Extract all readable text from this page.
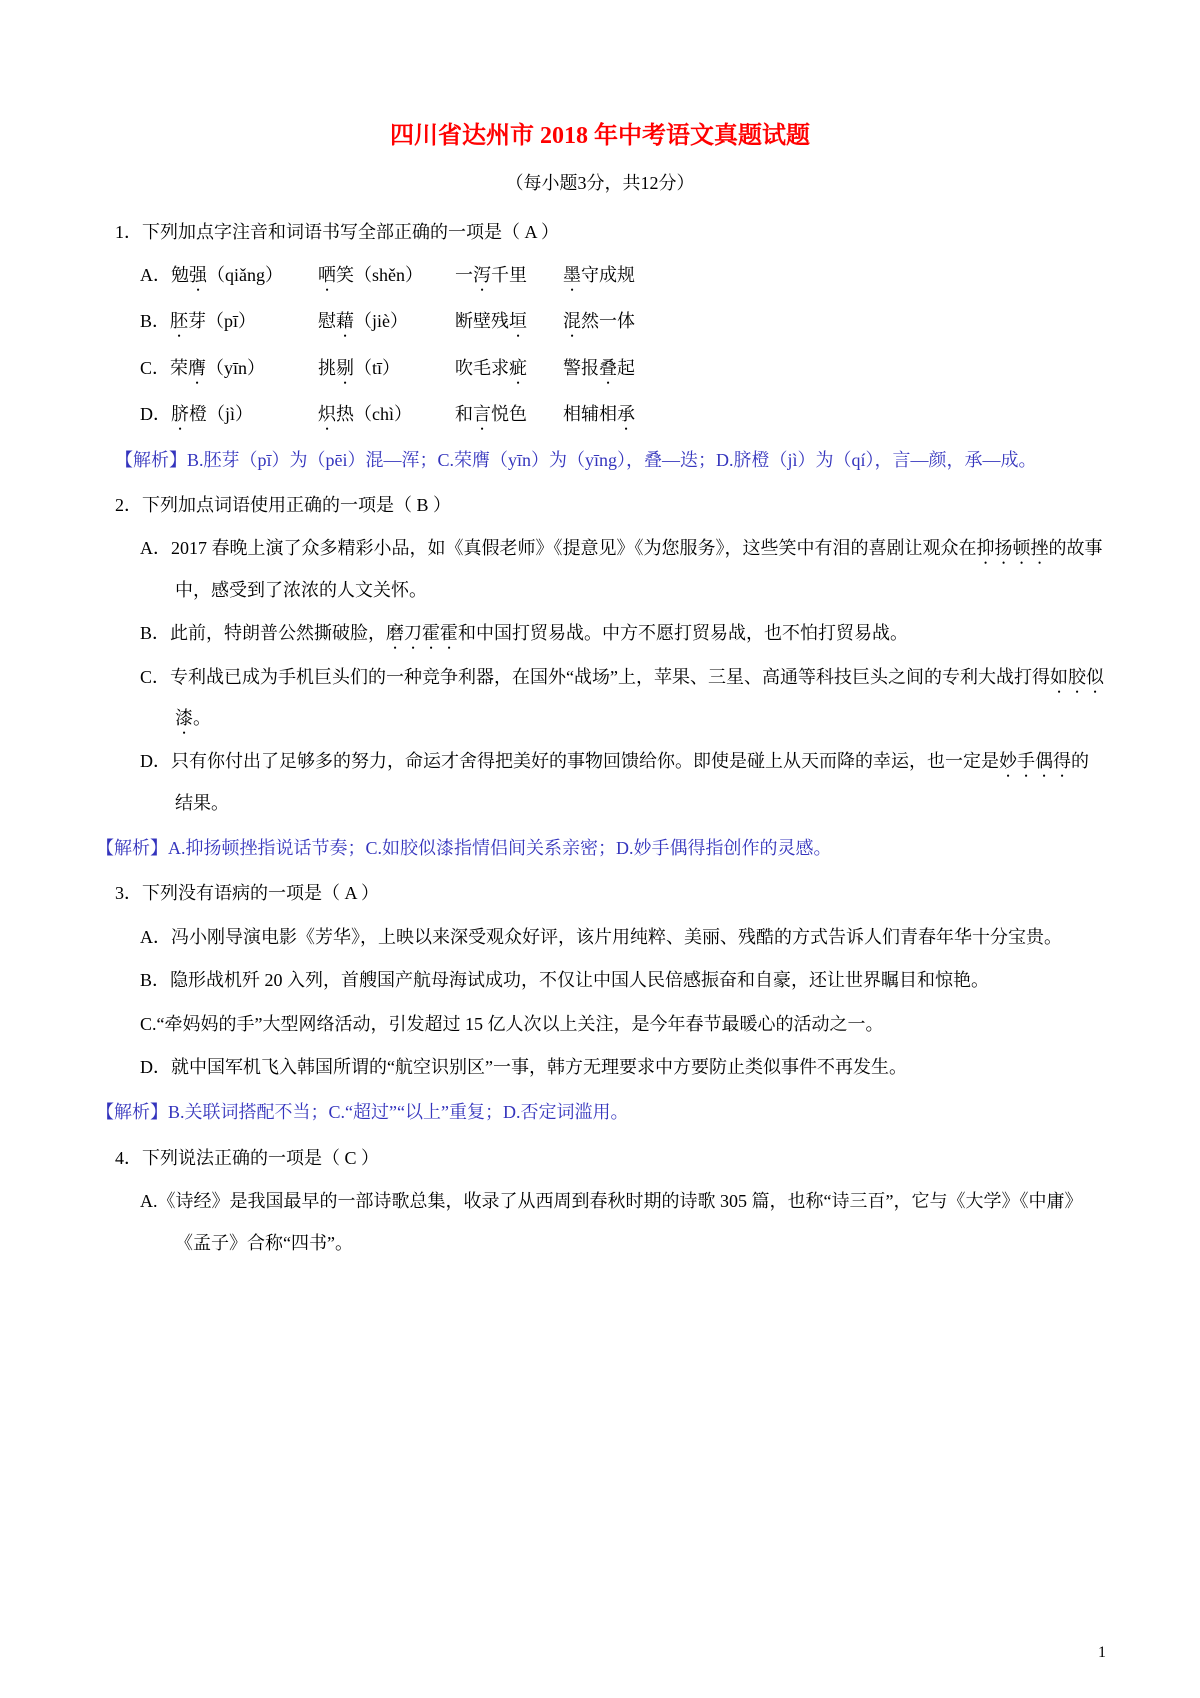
四川省达州市 2018 年中考语文真题试题

（每小题3分，共12分）

1．下列加点字注音和词语书写全部正确的一项是（ A ）

A．勉强（qiǎng）	哂笑（shěn）	一泻千里	墨守成规
B．胚芽（pī）	慰藉（jiè）	断壁残垣	混然一体
C．荣膺（yīn）	挑剔（tī）	吹毛求疵	警报叠起
D．脐橙（jì）	炽热（chì）	和言悦色	相辅相承

【解析】B.胚芽（pī）为（pēi）混—浑；C.荣膺（yīn）为（yīng），叠—迭；D.脐橙（jì）为（qí），言—颜，承—成。

2．下列加点词语使用正确的一项是（ B ）

A．2017 春晚上演了众多精彩小品，如《真假老师》《提意见》《为您服务》，这些笑中有泪的喜剧让观众在抑扬顿挫的故事中，感受到了浓浓的人文关怀。

B．此前，特朗普公然撕破脸，磨刀霍霍和中国打贸易战。中方不愿打贸易战，也不怕打贸易战。

C．专利战已成为手机巨头们的一种竞争利器，在国外“战场”上，苹果、三星、高通等科技巨头之间的专利大战打得如胶似漆。

D．只有你付出了足够多的努力，命运才舍得把美好的事物回馈给你。即使是碰上从天而降的幸运，也一定是妙手偶得的结果。

【解析】A.抑扬顿挫指说话节奏；C.如胶似漆指情侣间关系亲密；D.妙手偶得指创作的灵感。

3．下列没有语病的一项是（ A ）

A．冯小刚导演电影《芳华》，上映以来深受观众好评，该片用纯粹、美丽、残酷的方式告诉人们青春年华十分宝贵。

B．隐形战机歼 20 入列，首艘国产航母海试成功，不仅让中国人民倍感振奋和自豪，还让世界瞩目和惊艳。

C.“牵妈妈的手”大型网络活动，引发超过 15 亿人次以上关注，是今年春节最暖心的活动之一。

D．就中国军机飞入韩国所谓的“航空识别区”一事，韩方无理要求中方要防止类似事件不再发生。

【解析】B.关联词搭配不当；C.“超过”“以上”重复；D.否定词滥用。

4．下列说法正确的一项是（ C ）

A.《诗经》是我国最早的一部诗歌总集，收录了从西周到春秋时期的诗歌 305 篇，也称“诗三百”，它与《大学》《中庸》《孟子》合称“四书”。

1
